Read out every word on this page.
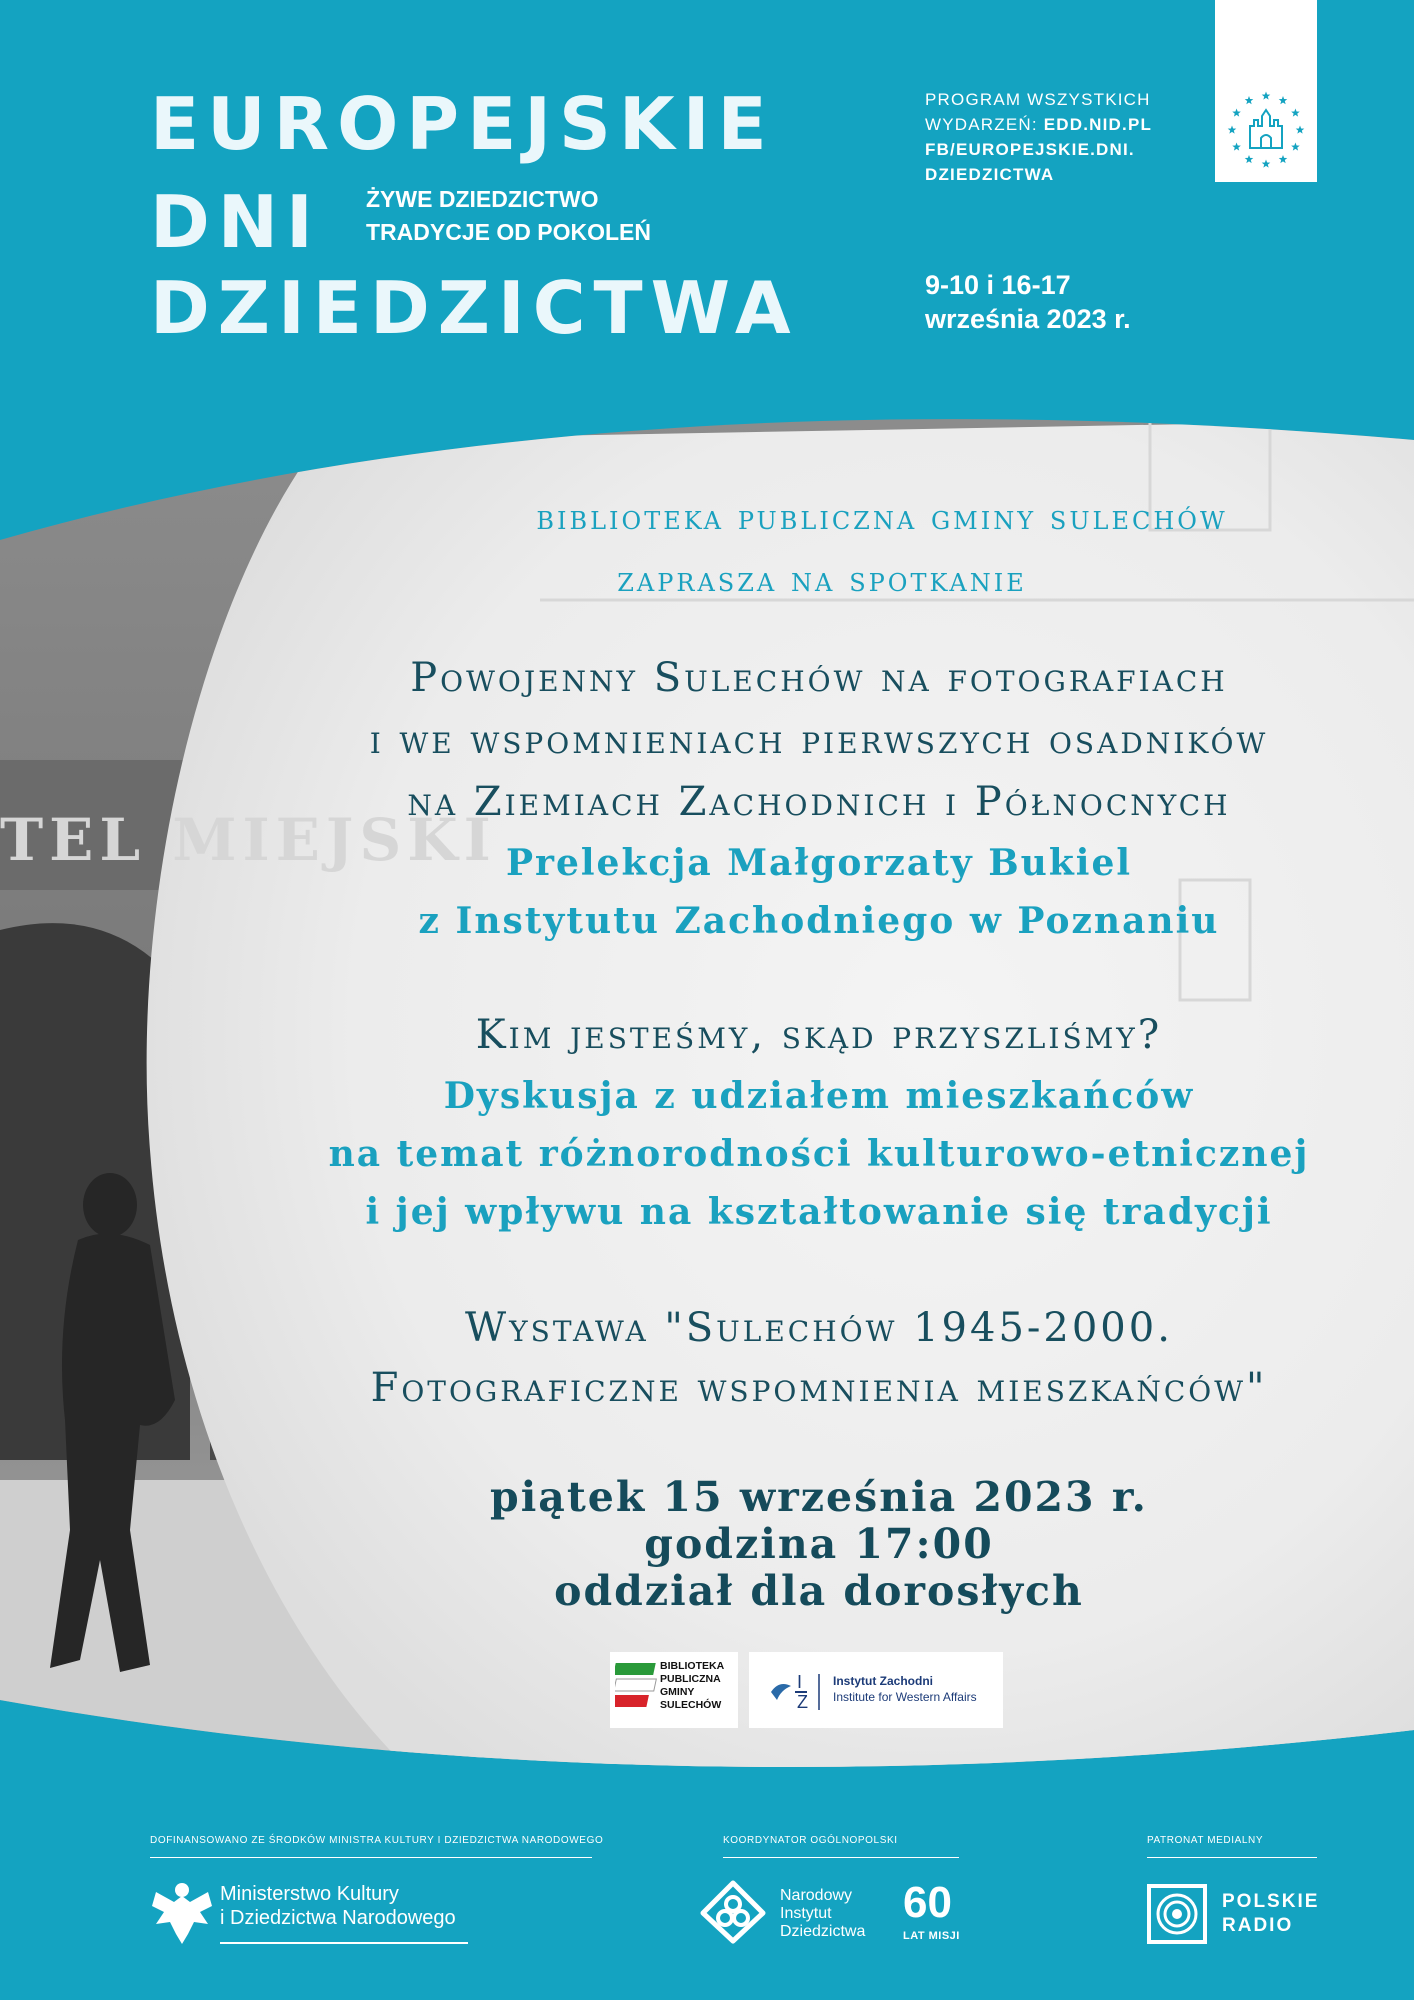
EUROPEJSKIE
DNI
DZIEDZICTWA
ŻYWE DZIEDZICTWO
TRADYCJE OD POKOLEŃ
PROGRAM WSZYSTKICH
WYDARZEŃ: EDD.NID.PL
FB/EUROPEJSKIE.DNI.
DZIEDZICTWA
9-10 i 16-17
września 2023 r.
TEL MIEJSKI
biblioteka publiczna gminy sulechów
zaprasza na spotkanie
Powojenny Sulechów na fotografiach
i we wspomnieniach pierwszych osadników
na Ziemiach Zachodnich i Północnych
Prelekcja Małgorzaty Bukiel
z Instytutu Zachodniego w Poznaniu
Kim jesteśmy, skąd przyszliśmy?
Dyskusja z udziałem mieszkańców
na temat różnorodności kulturowo-etnicznej
i jej wpływu na kształtowanie się tradycji
Wystawa "Sulechów 1945-2000.
Fotograficzne wspomnienia mieszkańców"
piątek 15 września 2023 r.
godzina 17:00
oddział dla dorosłych
BIBLIOTEKA
PUBLICZNA
GMINY
SULECHÓW
I
Z
Instytut Zachodni
Institute for Western Affairs
DOFINANSOWANO ZE ŚRODKÓW MINISTRA KULTURY I DZIEDZICTWA NARODOWEGO
Ministerstwo Kultury
i Dziedzictwa Narodowego
KOORDYNATOR OGÓLNOPOLSKI
Narodowy
Instytut
Dziedzictwa
60
LAT MISJI
PATRONAT MEDIALNY
POLSKIE
RADIO
